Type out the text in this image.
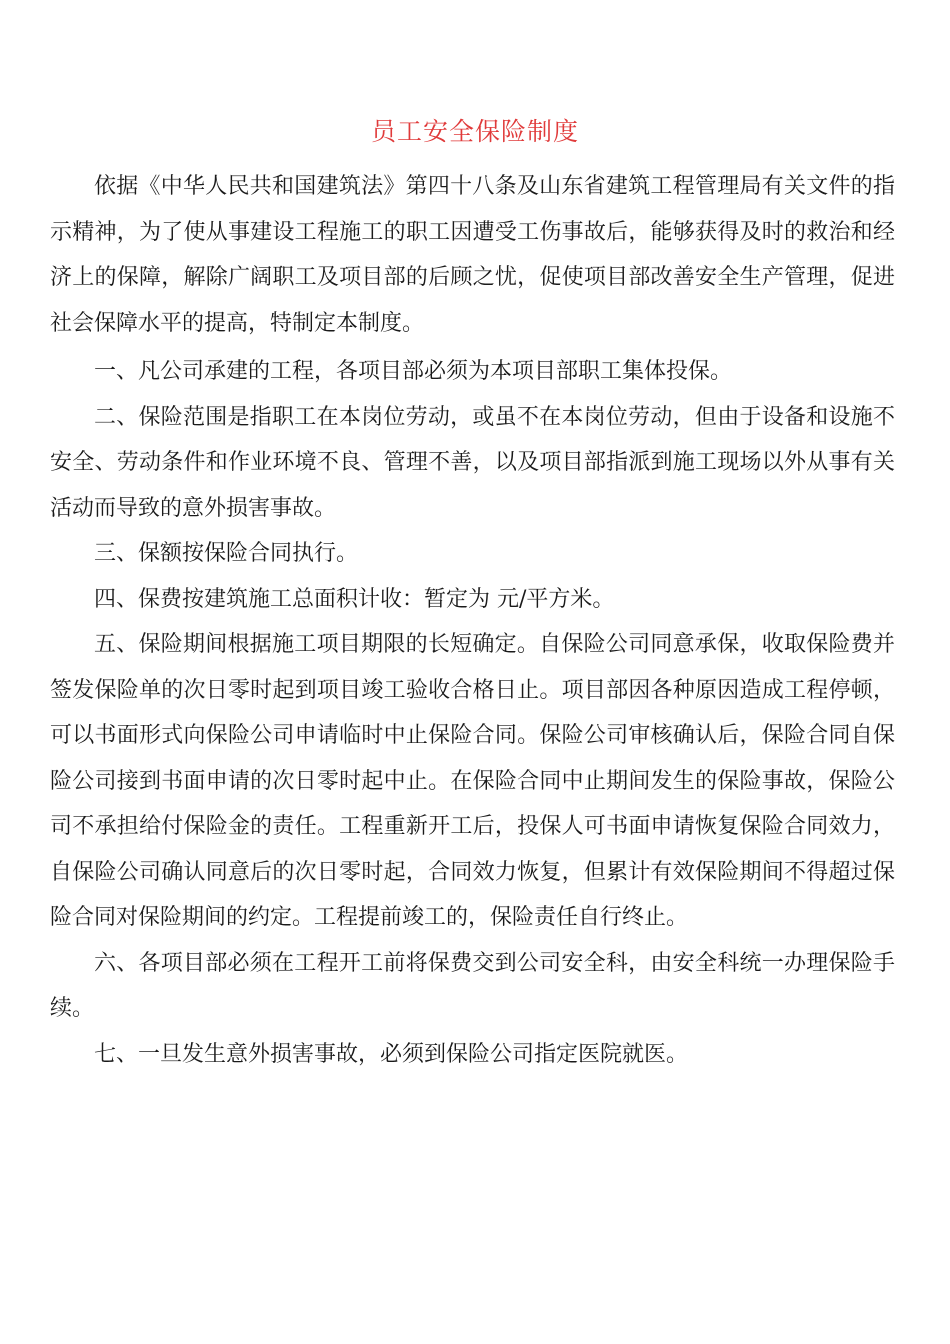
员工安全保险制度

依据《中华人民共和国建筑法》第四十八条及山东省建筑工程管理局有关文件的指示精神，为了使从事建设工程施工的职工因遭受工伤事故后，能够获得及时的救治和经济上的保障，解除广阔职工及项目部的后顾之忧，促使项目部改善安全生产管理，促进社会保障水平的提高，特制定本制度。

一、凡公司承建的工程，各项目部必须为本项目部职工集体投保。

二、保险范围是指职工在本岗位劳动，或虽不在本岗位劳动，但由于设备和设施不安全、劳动条件和作业环境不良、管理不善，以及项目部指派到施工现场以外从事有关活动而导致的意外损害事故。

三、保额按保险合同执行。

四、保费按建筑施工总面积计收：暂定为 元/平方米。

五、保险期间根据施工项目期限的长短确定。自保险公司同意承保，收取保险费并签发保险单的次日零时起到项目竣工验收合格日止。项目部因各种原因造成工程停顿，可以书面形式向保险公司申请临时中止保险合同。保险公司审核确认后，保险合同自保险公司接到书面申请的次日零时起中止。在保险合同中止期间发生的保险事故，保险公司不承担给付保险金的责任。工程重新开工后，投保人可书面申请恢复保险合同效力，自保险公司确认同意后的次日零时起，合同效力恢复，但累计有效保险期间不得超过保险合同对保险期间的约定。工程提前竣工的，保险责任自行终止。

六、各项目部必须在工程开工前将保费交到公司安全科，由安全科统一办理保险手续。

七、一旦发生意外损害事故，必须到保险公司指定医院就医。
